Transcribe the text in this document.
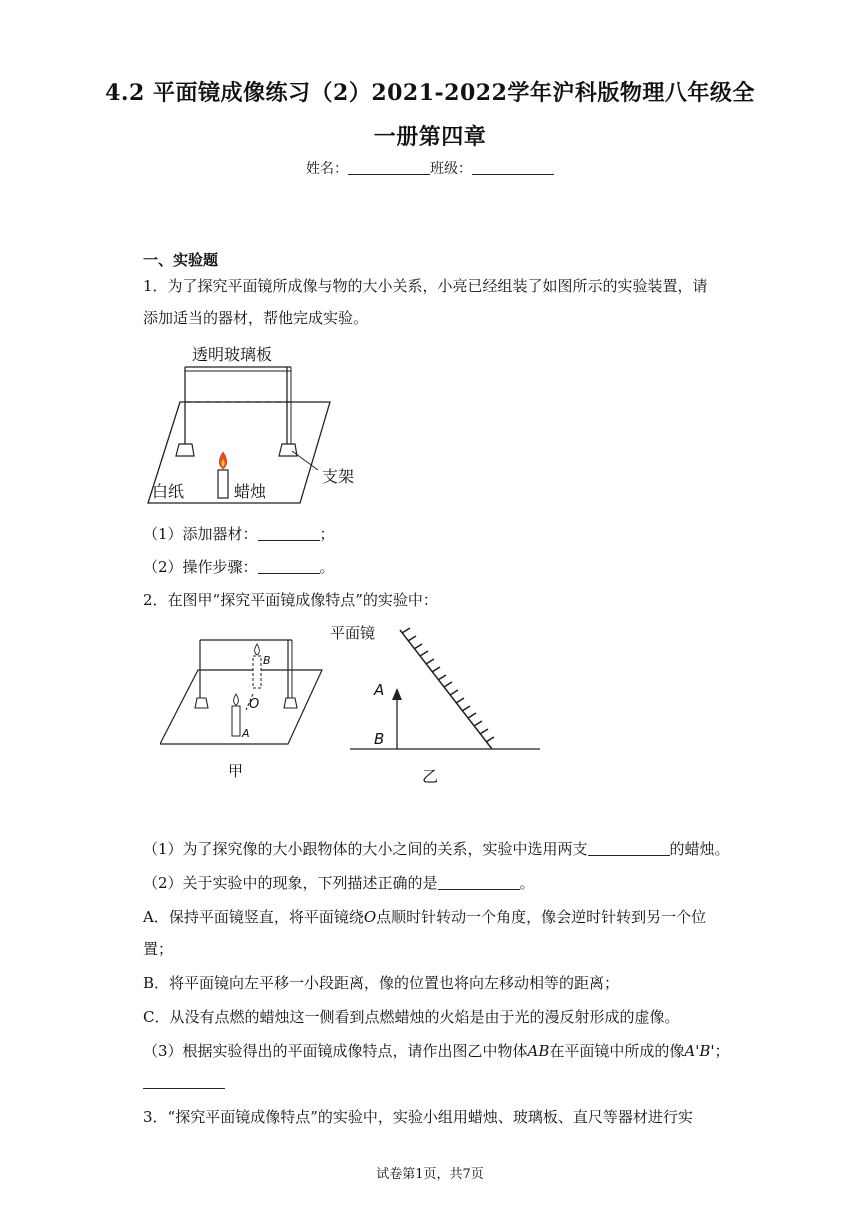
4.2 平面镜成像练习（2）2021-2022学年沪科版物理八年级全
一册第四章
姓名：	班级：
一、实验题
1．为了探究平面镜所成像与物的大小关系，小亮已经组装了如图所示的实验装置，请
添加适当的器材，帮他完成实验。
透明玻璃板
白纸	蜡烛
支架
（1）添加器材：	；
（2）操作步骤：	。
2．在图甲“探究平面镜成像特点”的实验中：
B
O
A
甲
平面镜
A
B
乙
（1）为了探究像的大小跟物体的大小之间的关系，实验中选用两支	的蜡烛。
（2）关于实验中的现象，下列描述正确的是	。
A．保持平面镜竖直，将平面镜绕O点顺时针转动一个角度，像会逆时针转到另一个位
置；
B．将平面镜向左平移一小段距离，像的位置也将向左移动相等的距离；
C．从没有点燃的蜡烛这一侧看到点燃蜡烛的火焰是由于光的漫反射形成的虚像。
（3）根据实验得出的平面镜成像特点，请作出图乙中物体AB在平面镜中所成的像A'B'；
3．“探究平面镜成像特点”的实验中，实验小组用蜡烛、玻璃板、直尺等器材进行实
试卷第1页，共7页
